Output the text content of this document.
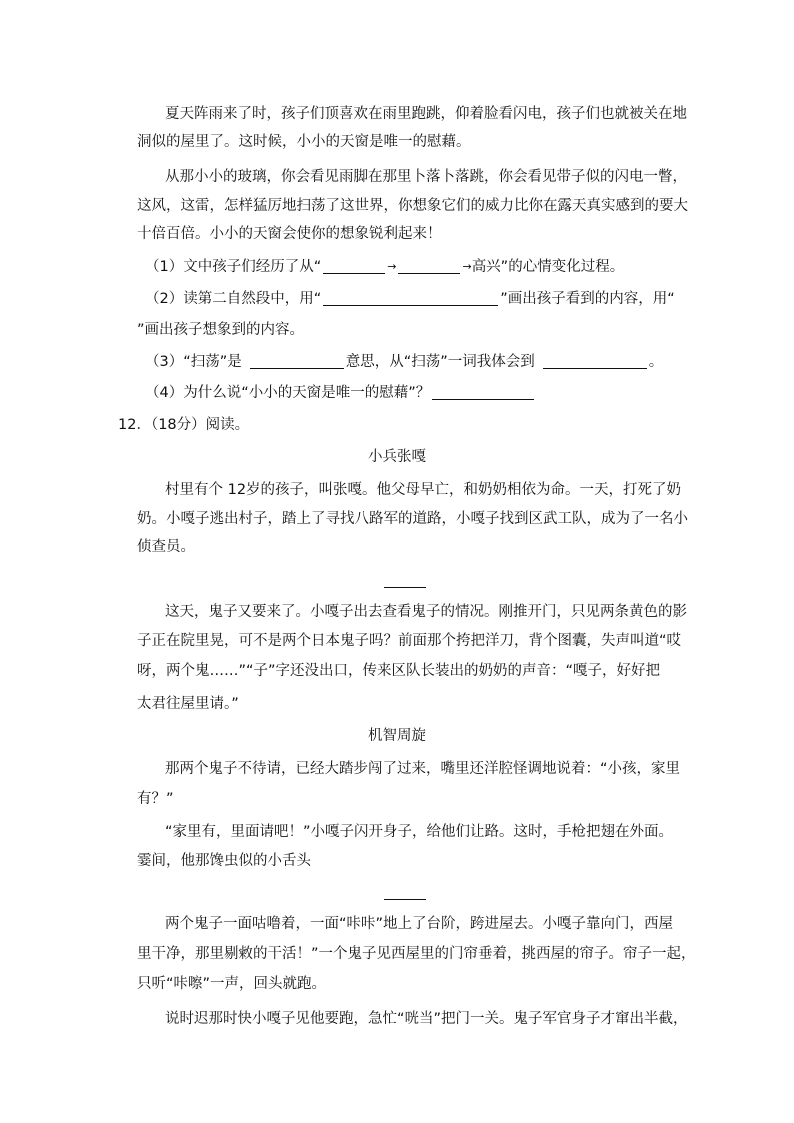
夏天阵雨来了时，孩子们顶喜欢在雨里跑跳，仰着脸看闪电，孩子们也就被关在地
洞似的屋里了。这时候，小小的天窗是唯一的慰藉。
从那小小的玻璃，你会看见雨脚在那里卜落卜落跳，你会看见带子似的闪电一瞥，
这风，这雷，怎样猛厉地扫荡了这世界，你想象它们的威力比你在露天真实感到的要大
十倍百倍。小小的天窗会使你的想象锐利起来！
（1）文中孩子们经历了从“	→	→高兴”的心情变化过程。
（2）读第二自然段中，用“	”画出孩子看到的内容，用“
”画出孩子想象到的内容。
（3）“扫荡”是	意思，从“扫荡”一词我体会到	。
（4）为什么说“小小的天窗是唯一的慰藉”？
12．（18分）阅读。
小兵张嘎
村里有个 12岁的孩子，叫张嘎。他父母早亡，和奶奶相依为命。一天，打死了奶
奶。小嘎子逃出村子，踏上了寻找八路军的道路，小嘎子找到区武工队，成为了一名小
侦查员。
这天，鬼子又要来了。小嘎子出去查看鬼子的情况。刚推开门，只见两条黄色的影
子正在院里晃，可不是两个日本鬼子吗？前面那个挎把洋刀，背个图囊，失声叫道“哎
呀，两个鬼……”“子”字还没出口，传来区队长装出的奶奶的声音：“嘎子，好好把
太君往屋里请。”
机智周旋
那两个鬼子不待请，已经大踏步闯了过来，嘴里还洋腔怪调地说着：“小孩，家里
有？”
“家里有，里面请吧！”小嘎子闪开身子，给他们让路。这时，手枪把翅在外面。
霎间，他那馋虫似的小舌头
两个鬼子一面咕噜着，一面“咔咔”地上了台阶，跨进屋去。小嘎子靠向门，西屋
里干净，那里剔敹的干活！”一个鬼子见西屋里的门帘垂着，挑西屋的帘子。帘子一起，
只听“咔嚓”一声，回头就跑。
说时迟那时快小嘎子见他要跑，急忙“咣当”把门一关。鬼子军官身子才窜出半截，
